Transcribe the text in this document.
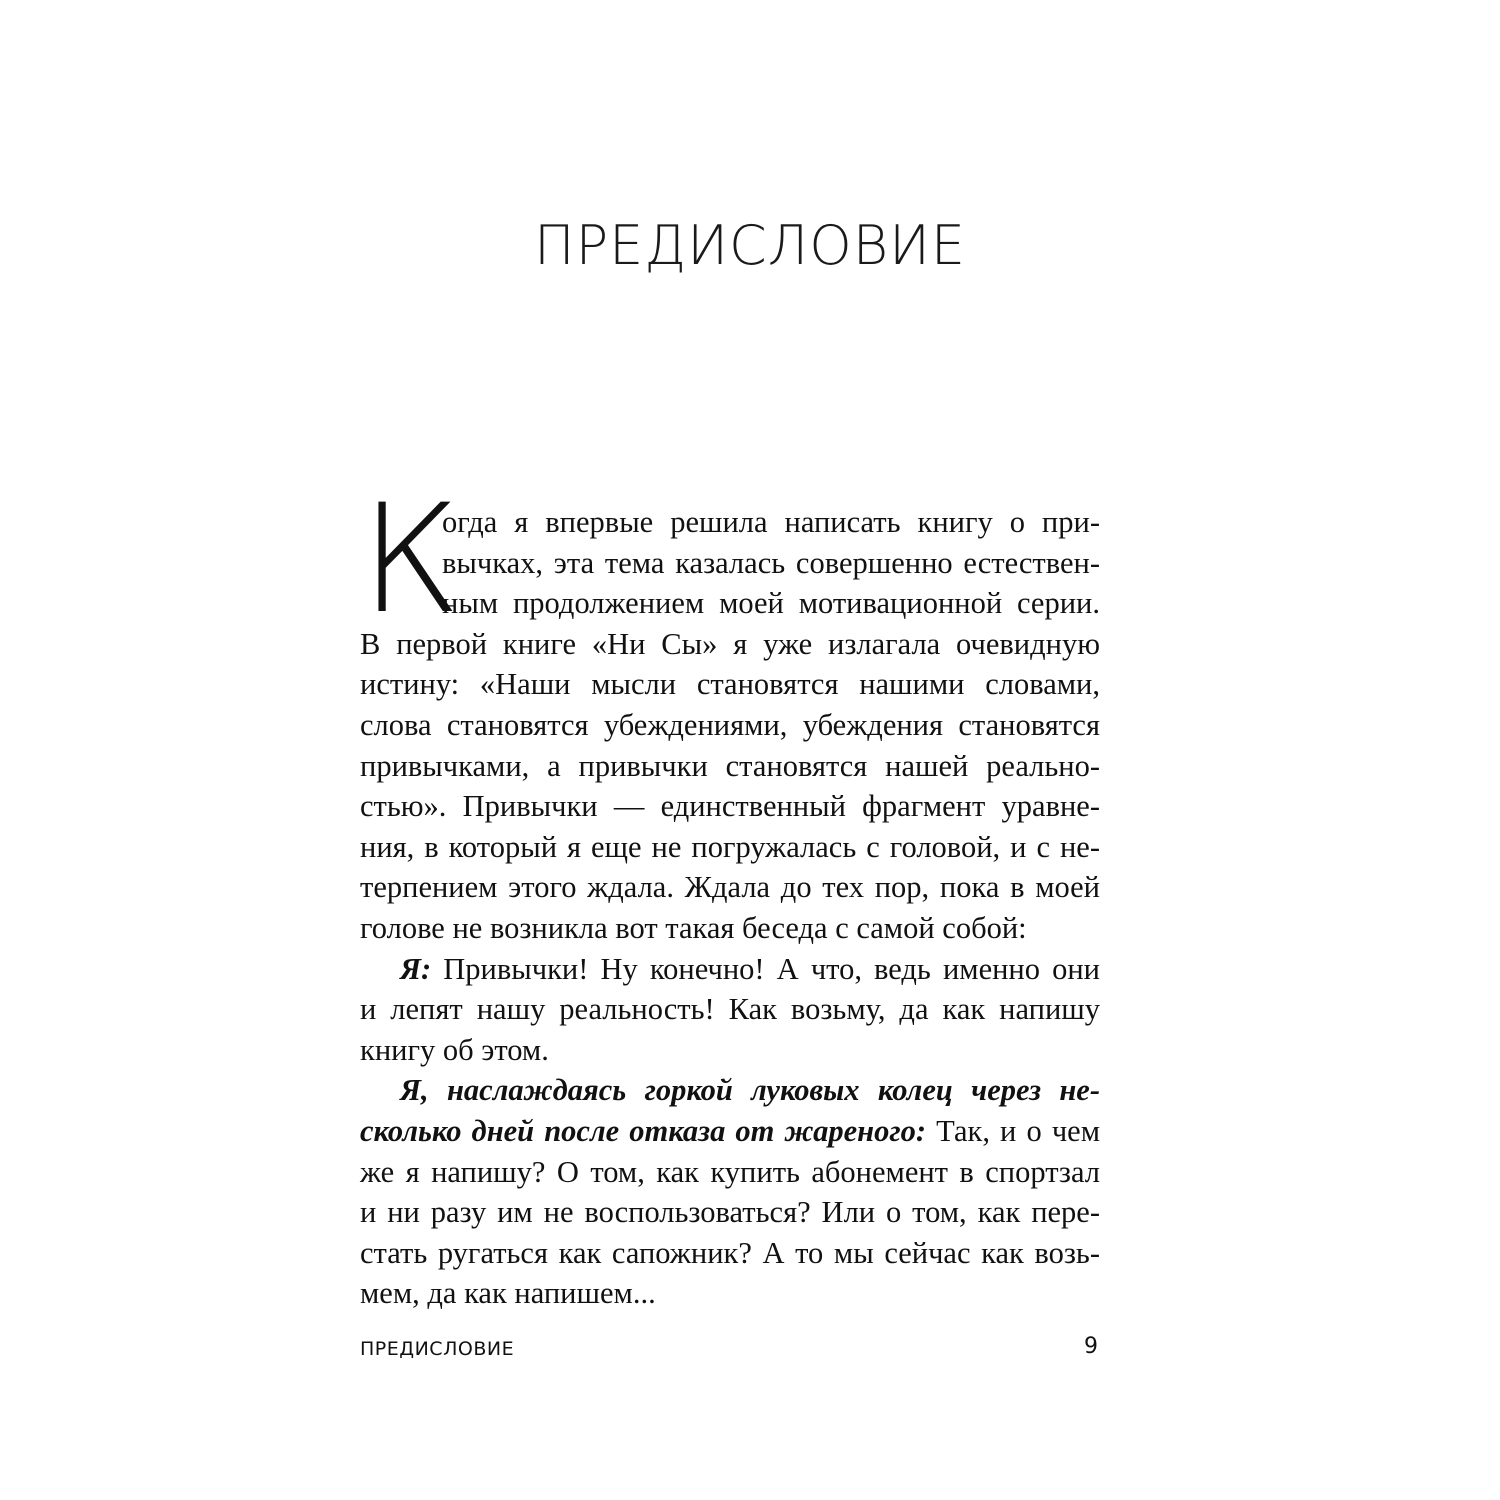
ПРЕДИСЛОВИЕ
К
огда я впервые решила написать книгу о при-
вычках, эта тема казалась совершенно естествен-
ным продолжением моей мотивационной серии.
В первой книге «Ни Сы» я уже излагала очевидную
истину: «Наши мысли становятся нашими словами,
слова становятся убеждениями, убеждения становятся
привычками, а привычки становятся нашей реально-
стью». Привычки — единственный фрагмент уравне-
ния, в который я еще не погружалась с головой, и с не-
терпением этого ждала. Ждала до тех пор, пока в моей
голове не возникла вот такая беседа с самой собой:
Я: Привычки! Ну конечно! А что, ведь именно они
и лепят нашу реальность! Как возьму, да как напишу
книгу об этом.
Я, наслаждаясь горкой луковых колец через не-
сколько дней после отказа от жареного: Так, и о чем
же я напишу? О том, как купить абонемент в спортзал
и ни разу им не воспользоваться? Или о том, как пере-
стать ругаться как сапожник? А то мы сейчас как возь-
мем, да как напишем...
ПРЕДИСЛОВИЕ	9
